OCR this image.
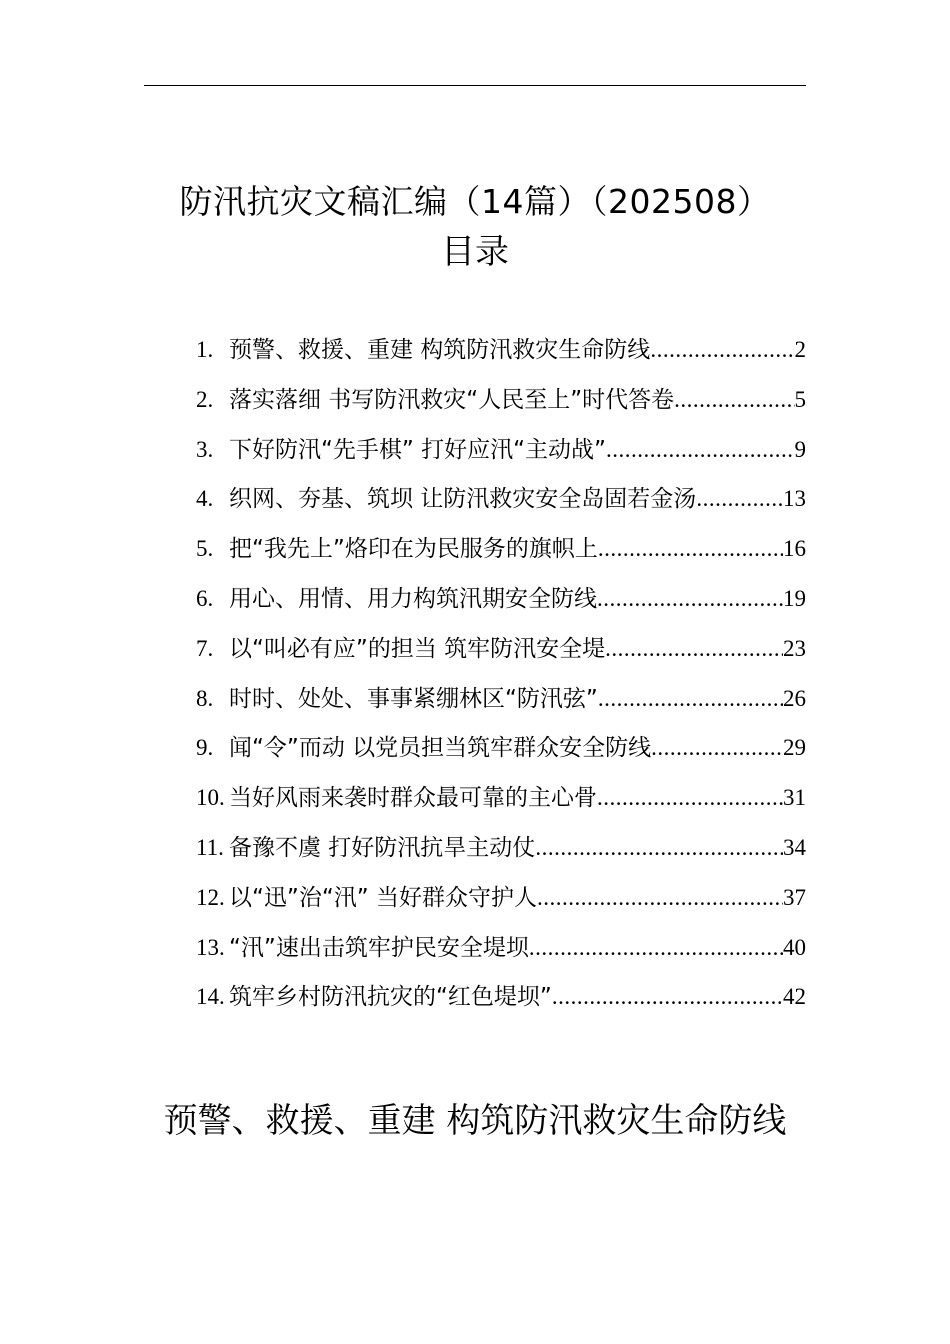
防汛抗灾文稿汇编（14篇）（202508）
目录
1. 预警、救援、重建 构筑防汛救灾生命防线 .....	2
2. 落实落细 书写防汛救灾“人民至上”时代答卷 .....	5
3. 下好防汛“先手棋” 打好应汛“主动战” .....	9
4. 织网、夯基、筑坝 让防汛救灾安全岛固若金汤 .....	13
5. 把“我先上”烙印在为民服务的旗帜上 .....	16
6. 用心、用情、用力构筑汛期安全防线 .....	19
7. 以“叫必有应”的担当 筑牢防汛安全堤 .....	23
8. 时时、处处、事事紧绷林区“防汛弦” .....	26
9. 闻“令”而动 以党员担当筑牢群众安全防线 .....	29
10. 当好风雨来袭时群众最可靠的主心骨 .....	31
11. 备豫不虞 打好防汛抗旱主动仗 .....	34
12. 以“迅”治“汛” 当好群众守护人 .....	37
13. “汛”速出击筑牢护民安全堤坝 .....	40
14. 筑牢乡村防汛抗灾的“红色堤坝” .....	42
预警、救援、重建 构筑防汛救灾生命防线
